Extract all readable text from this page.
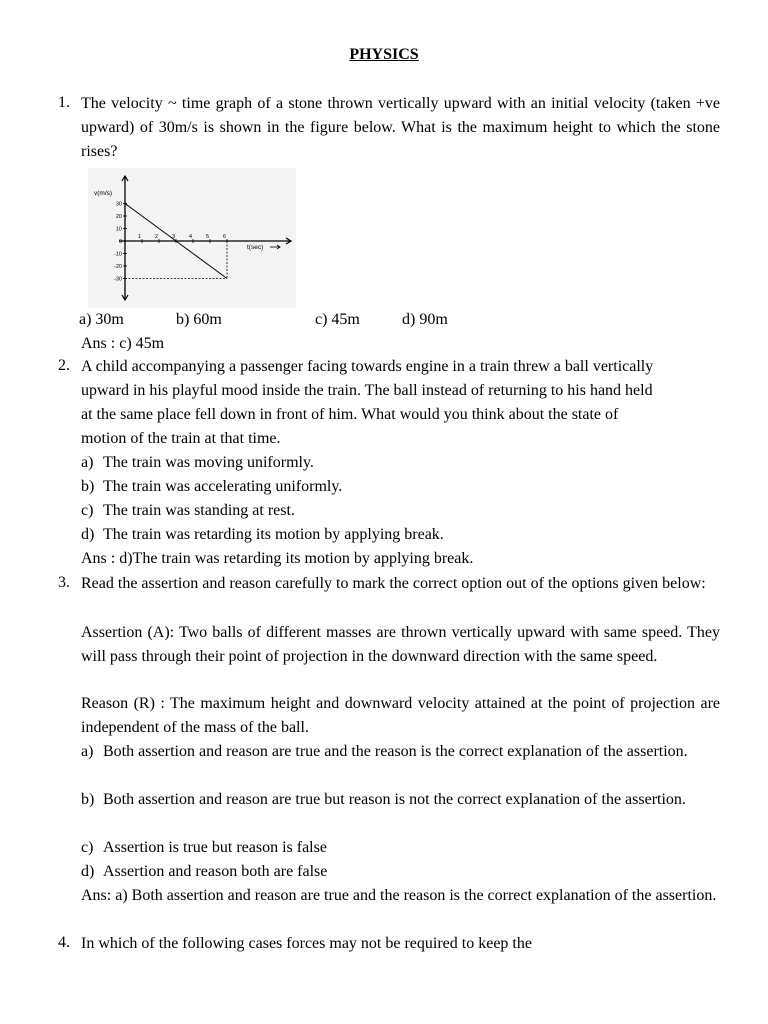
PHYSICS
1. The velocity ~ time graph of a stone thrown vertically upward with an initial velocity (taken +ve upward) of 30m/s is shown in the figure below. What is the maximum height to which the stone rises?
v(m/s)
t(sec)
30
20
10
0
-10
-20
-30
1	2	3	4	5	6
a) 30m	b) 60m	c) 45m	d) 90m
Ans : c) 45m
2. A child accompanying a passenger facing towards engine in a train threw a ball vertically
upward in his playful mood inside the train. The ball instead of returning to his hand held
at the same place fell down in front of him. What would you think about the state of
motion of the train at that time.
a) The train was moving uniformly.
b) The train was accelerating uniformly.
c) The train was standing at rest.
d) The train was retarding its motion by applying break.
Ans : d)The train was retarding its motion by applying break.
3. Read the assertion and reason carefully to mark the correct option out of the options given below:
Assertion (A): Two balls of different masses are thrown vertically upward with same speed. They will pass through their point of projection in the downward direction with the same speed.
Reason (R) : The maximum height and downward velocity attained at the point of projection are independent of the mass of the ball.
a) Both assertion and reason are true and the reason is the correct explanation of the assertion.
b) Both assertion and reason are true but reason is not the correct explanation of the assertion.
c) Assertion is true but reason is false
d) Assertion and reason both are false
Ans: a) Both assertion and reason are true and the reason is the correct explanation of the assertion.
4. In which of the following cases forces may not be required to keep the
